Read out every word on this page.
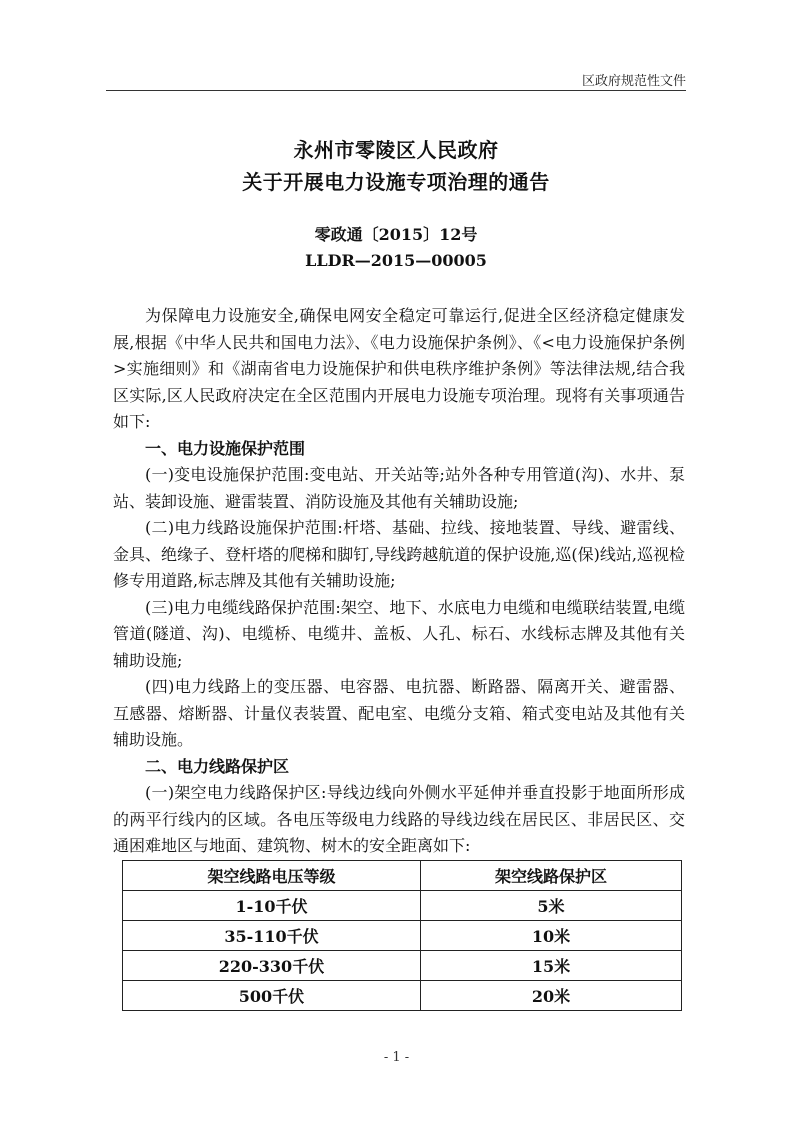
区政府规范性文件
永州市零陵区人民政府
关于开展电力设施专项治理的通告
零政通〔2015〕12号
LLDR—2015—00005

为保障电力设施安全,确保电网安全稳定可靠运行,促进全区经济稳定健康发展,根据《中华人民共和国电力法》、《电力设施保护条例》、《<电力设施保护条例>实施细则》和《湖南省电力设施保护和供电秩序维护条例》等法律法规,结合我区实际,区人民政府决定在全区范围内开展电力设施专项治理。现将有关事项通告如下:

一、电力设施保护范围

(一)变电设施保护范围:变电站、开关站等;站外各种专用管道(沟)、水井、泵站、装卸设施、避雷装置、消防设施及其他有关辅助设施;

(二)电力线路设施保护范围:杆塔、基础、拉线、接地装置、导线、避雷线、金具、绝缘子、登杆塔的爬梯和脚钉,导线跨越航道的保护设施,巡(保)线站,巡视检修专用道路,标志牌及其他有关辅助设施;

(三)电力电缆线路保护范围:架空、地下、水底电力电缆和电缆联结装置,电缆管道(隧道、沟)、电缆桥、电缆井、盖板、人孔、标石、水线标志牌及其他有关辅助设施;

(四)电力线路上的变压器、电容器、电抗器、断路器、隔离开关、避雷器、互感器、熔断器、计量仪表装置、配电室、电缆分支箱、箱式变电站及其他有关辅助设施。

二、电力线路保护区

(一)架空电力线路保护区:导线边线向外侧水平延伸并垂直投影于地面所形成的两平行线内的区域。各电压等级电力线路的导线边线在居民区、非居民区、交通困难地区与地面、建筑物、树木的安全距离如下:

架空线路电压等级	架空线路保护区
1-10千伏	5米
35-110千伏	10米
220-330千伏	15米
500千伏	20米
- 1 -
